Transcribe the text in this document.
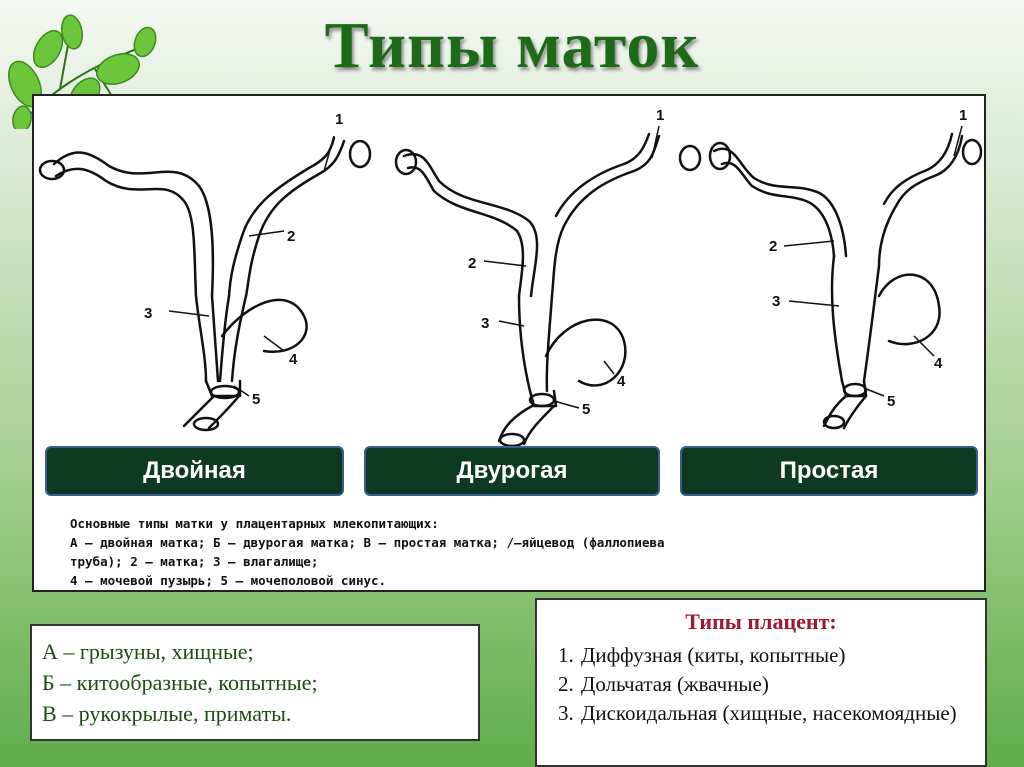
Типы маток
1
2
3
4
5
1
2
3
4
5
1
2
3
4
5
Двойная	Двурогая	Простая
Основные типы матки у плацентарных млекопитающих:
А — двойная матка; Б — двурогая матка; В — простая матка; /—яйцевод (фаллопиева
труба); 2 — матка; 3 — влагалище;
4 — мочевой пузырь; 5 — мочеполовой синус.
А – грызуны, хищные;
Б – китообразные, копытные;
В – рукокрылые, приматы.
Типы плацент:
1. Диффузная (киты, копытные)
2. Дольчатая (жвачные)
3. Дискоидальная (хищные, насекомоядные)
